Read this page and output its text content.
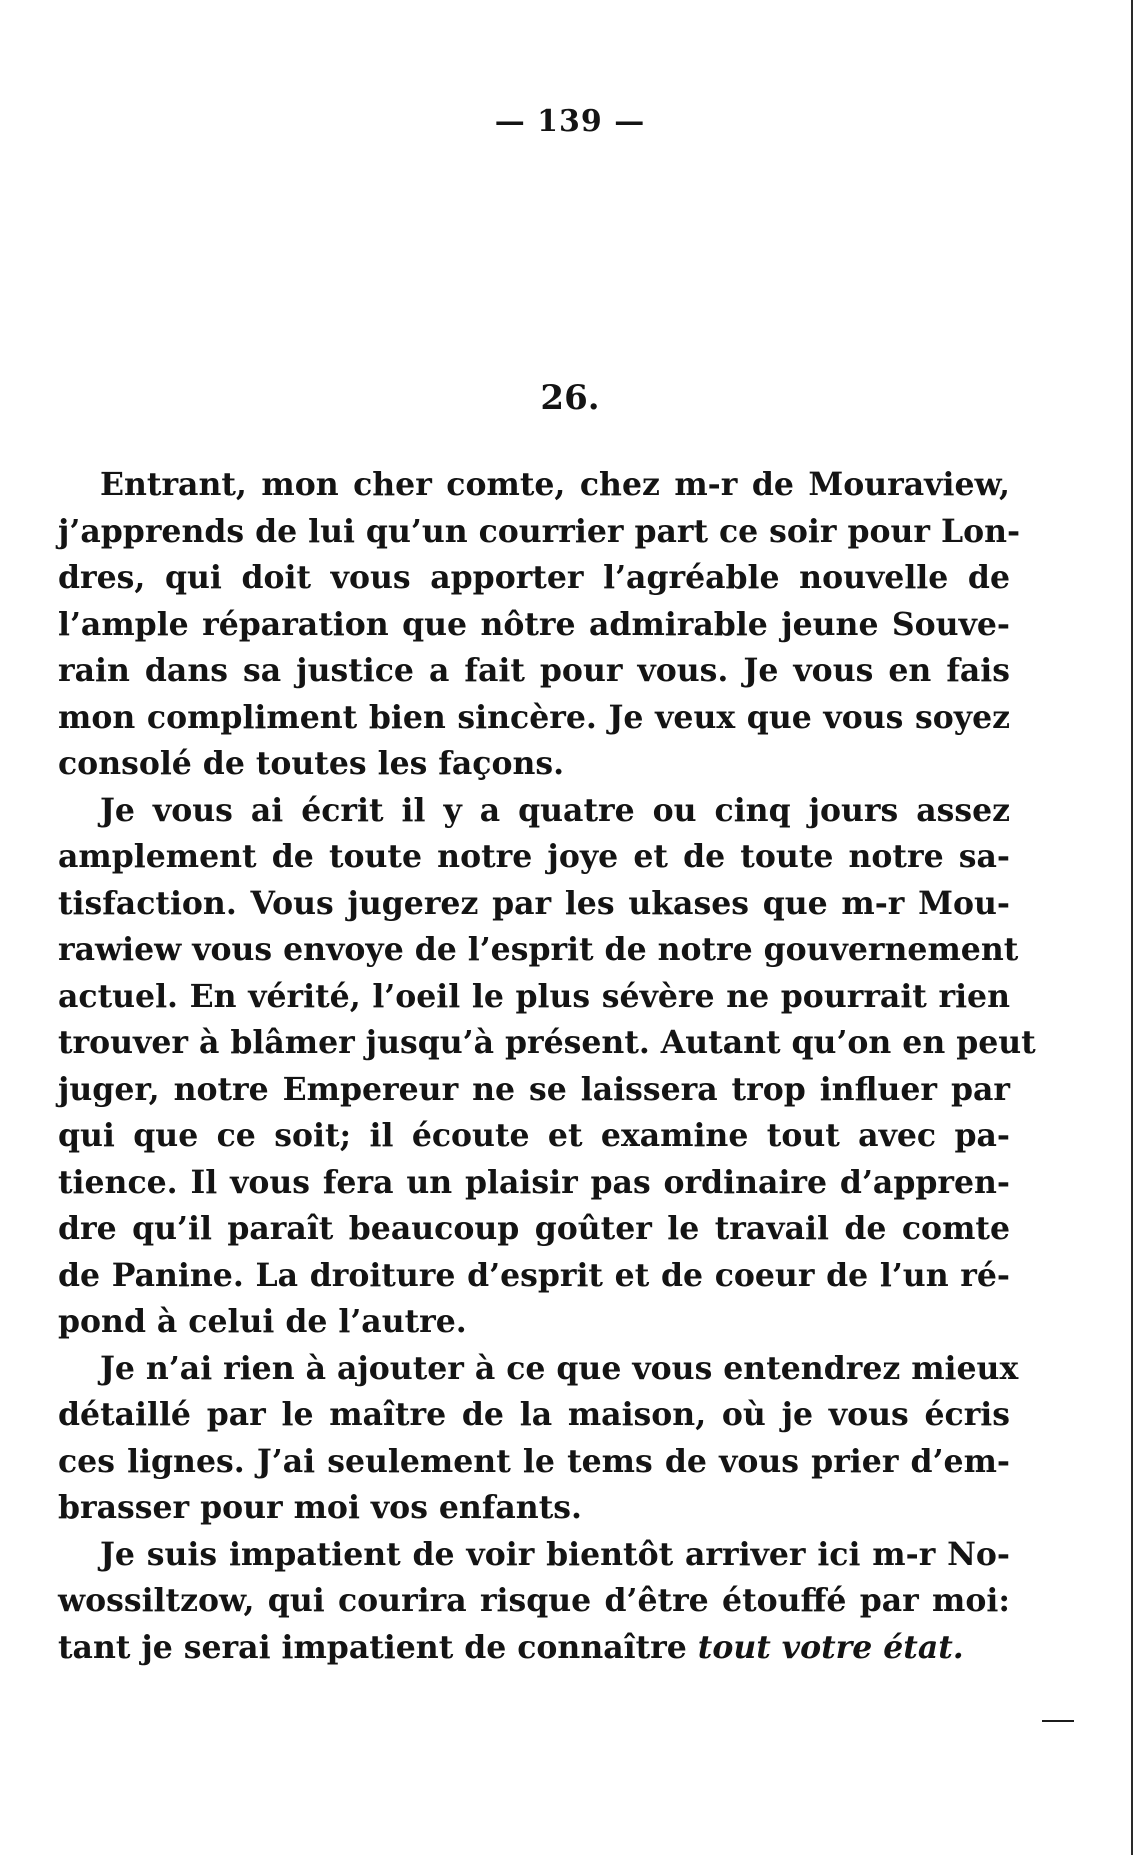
— 139 —
26.
Entrant, mon cher comte, chez m-r de Mouraview,
j’apprends de lui qu’un courrier part ce soir pour Lon-
dres, qui doit vous apporter l’agréable nouvelle de
l’ample réparation que nôtre admirable jeune Souve-
rain dans sa justice a fait pour vous. Je vous en fais
mon compliment bien sincère. Je veux que vous soyez
consolé de toutes les façons.
Je vous ai écrit il y a quatre ou cinq jours assez
amplement de toute notre joye et de toute notre sa-
tisfaction. Vous jugerez par les ukases que m-r Mou-
rawiew vous envoye de l’esprit de notre gouvernement
actuel. En vérité, l’oeil le plus sévère ne pourrait rien
trouver à blâmer jusqu’à présent. Autant qu’on en peut
juger, notre Empereur ne se laissera trop influer par
qui que ce soit; il écoute et examine tout avec pa-
tience. Il vous fera un plaisir pas ordinaire d’appren-
dre qu’il paraît beaucoup goûter le travail de comte
de Panine. La droiture d’esprit et de coeur de l’un ré-
pond à celui de l’autre.
Je n’ai rien à ajouter à ce que vous entendrez mieux
détaillé par le maître de la maison, où je vous écris
ces lignes. J’ai seulement le tems de vous prier d’em-
brasser pour moi vos enfants.
Je suis impatient de voir bientôt arriver ici m-r No-
wossiltzow, qui courira risque d’être étouffé par moi:
tant je serai impatient de connaître tout votre état.
